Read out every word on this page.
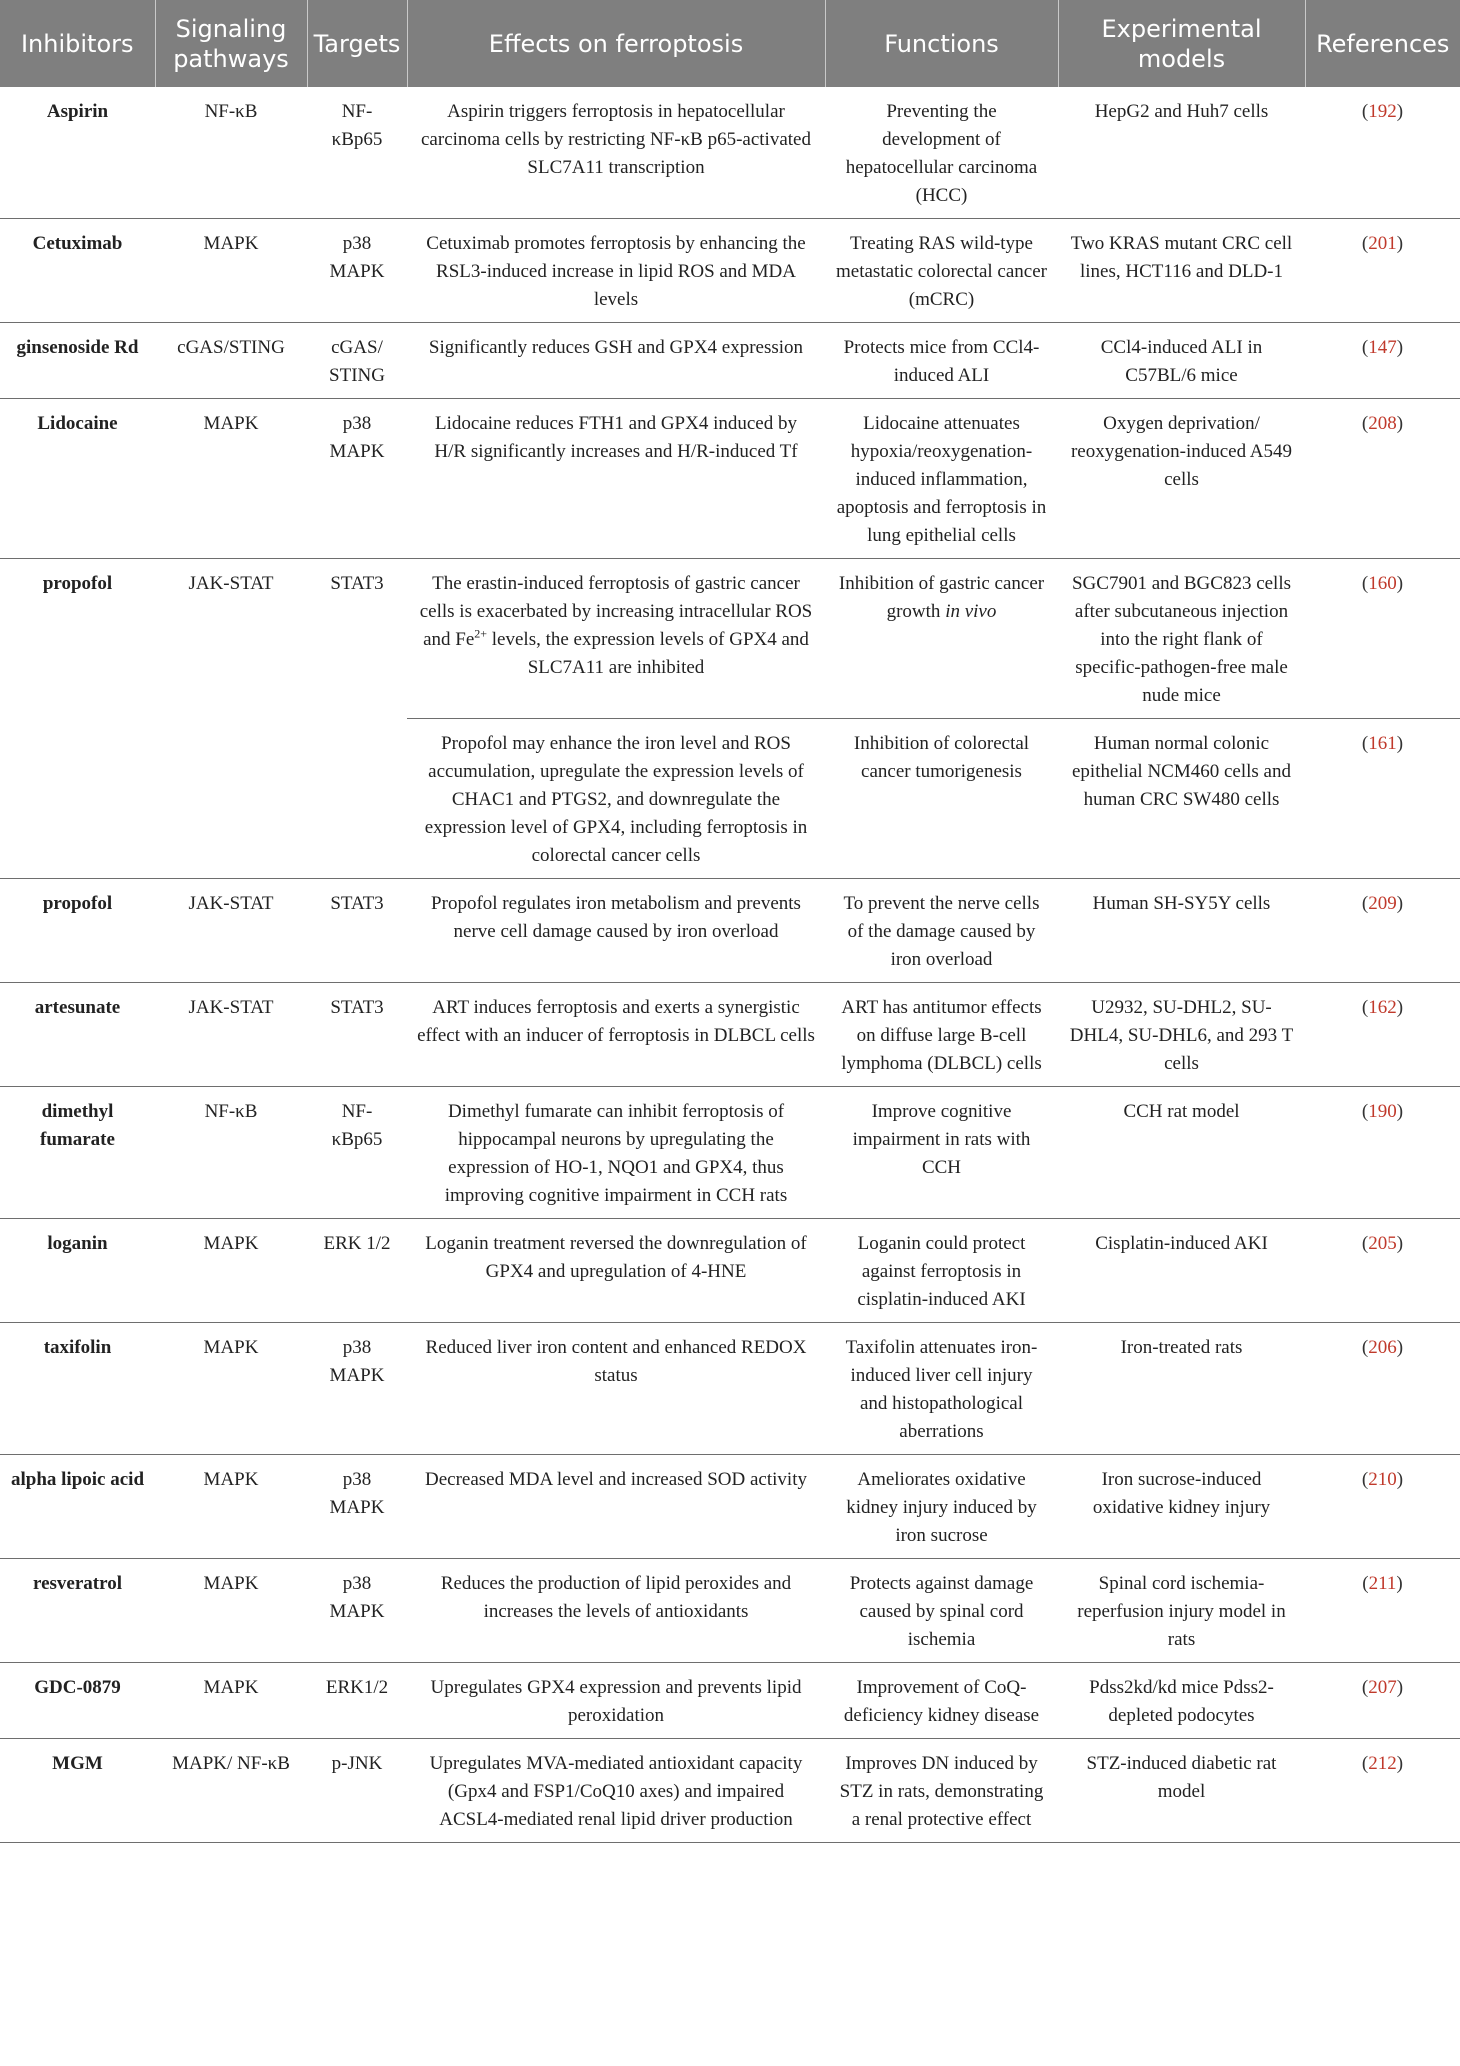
Inhibitors	Signaling pathways	Targets	Effects on ferroptosis	Functions	Experimental models	References
Aspirin	NF-κB	NF-κBp65	Aspirin triggers ferroptosis in hepatocellular carcinoma cells by restricting NF-κB p65-activated SLC7A11 transcription	Preventing the development of hepatocellular carcinoma (HCC)	HepG2 and Huh7 cells	(192)
Cetuximab	MAPK	p38 MAPK	Cetuximab promotes ferroptosis by enhancing the RSL3-induced increase in lipid ROS and MDA levels	Treating RAS wild-type metastatic colorectal cancer (mCRC)	Two KRAS mutant CRC cell lines, HCT116 and DLD-1	(201)
ginsenoside Rd	cGAS/STING	cGAS/ STING	Significantly reduces GSH and GPX4 expression	Protects mice from CCl4-induced ALI	CCl4-induced ALI in C57BL/6 mice	(147)
Lidocaine	MAPK	p38 MAPK	Lidocaine reduces FTH1 and GPX4 induced by H/R significantly increases and H/R-induced Tf	Lidocaine attenuates hypoxia/reoxygenation-induced inflammation, apoptosis and ferroptosis in lung epithelial cells	Oxygen deprivation/ reoxygenation-induced A549 cells	(208)
propofol	JAK-STAT	STAT3	The erastin-induced ferroptosis of gastric cancer cells is exacerbated by increasing intracellular ROS and $Fe^{2+}$ levels, the expression levels of GPX4 and SLC7A11 are inhibited	Inhibition of gastric cancer growth in vivo	SGC7901 and BGC823 cells after subcutaneous injection into the right flank of specific-pathogen-free male nude mice	(160)
			Propofol may enhance the iron level and ROS accumulation, upregulate the expression levels of CHAC1 and PTGS2, and downregulate the expression level of GPX4, including ferroptosis in colorectal cancer cells	Inhibition of colorectal cancer tumorigenesis	Human normal colonic epithelial NCM460 cells and human CRC SW480 cells	(161)
propofol	JAK-STAT	STAT3	Propofol regulates iron metabolism and prevents nerve cell damage caused by iron overload	To prevent the nerve cells of the damage caused by iron overload	Human SH-SY5Y cells	(209)
artesunate	JAK-STAT	STAT3	ART induces ferroptosis and exerts a synergistic effect with an inducer of ferroptosis in DLBCL cells	ART has antitumor effects on diffuse large B-cell lymphoma (DLBCL) cells	U2932, SU-DHL2, SU-DHL4, SU-DHL6, and 293 T cells	(162)
dimethyl fumarate	NF-κB	NF-κBp65	Dimethyl fumarate can inhibit ferroptosis of hippocampal neurons by upregulating the expression of HO-1, NQO1 and GPX4, thus improving cognitive impairment in CCH rats	Improve cognitive impairment in rats with CCH	CCH rat model	(190)
loganin	MAPK	ERK 1/2	Loganin treatment reversed the downregulation of GPX4 and upregulation of 4-HNE	Loganin could protect against ferroptosis in cisplatin-induced AKI	Cisplatin-induced AKI	(205)
taxifolin	MAPK	p38 MAPK	Reduced liver iron content and enhanced REDOX status	Taxifolin attenuates iron-induced liver cell injury and histopathological aberrations	Iron-treated rats	(206)
alpha lipoic acid	MAPK	p38 MAPK	Decreased MDA level and increased SOD activity	Ameliorates oxidative kidney injury induced by iron sucrose	Iron sucrose-induced oxidative kidney injury	(210)
resveratrol	MAPK	p38 MAPK	Reduces the production of lipid peroxides and increases the levels of antioxidants	Protects against damage caused by spinal cord ischemia	Spinal cord ischemia-reperfusion injury model in rats	(211)
GDC-0879	MAPK	ERK1/2	Upregulates GPX4 expression and prevents lipid peroxidation	Improvement of CoQ-deficiency kidney disease	Pdss2kd/kd mice Pdss2-depleted podocytes	(207)
MGM	MAPK/ NF-κB	p-JNK	Upregulates MVA-mediated antioxidant capacity (Gpx4 and FSP1/CoQ10 axes) and impaired ACSL4-mediated renal lipid driver production	Improves DN induced by STZ in rats, demonstrating a renal protective effect	STZ-induced diabetic rat model	(212)
